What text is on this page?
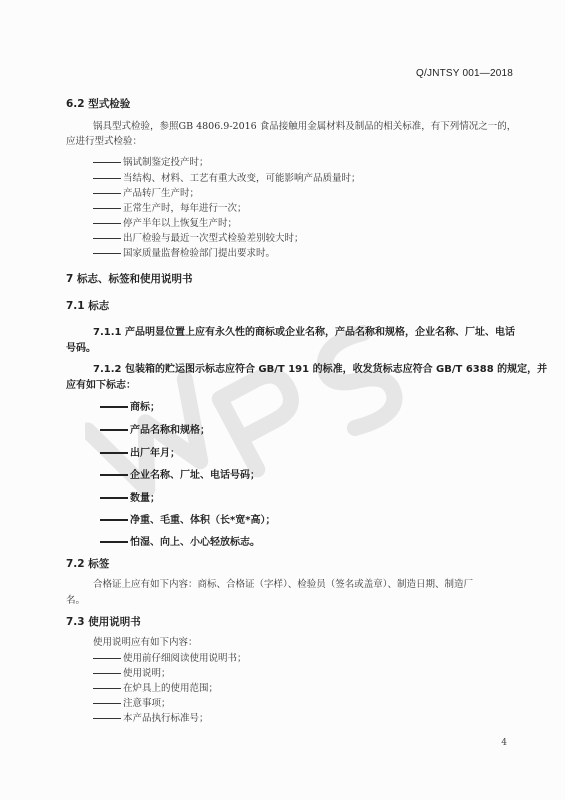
Q/JNTSY 001—2018
6.2 型式检验
锅具型式检验，参照GB 4806.9-2016 食品接触用金属材料及制品的相关标准，有下列情况之一的，
应进行型式检验：
锅试制鉴定投产时；
当结构、材料、工艺有重大改变，可能影响产品质量时；
产品转厂生产时；
正常生产时，每年进行一次；
停产半年以上恢复生产时；
出厂检验与最近一次型式检验差别较大时；
国家质量监督检验部门提出要求时。
7 标志、标签和使用说明书
7.1 标志
7.1.1 产品明显位置上应有永久性的商标或企业名称，产品名称和规格，企业名称、厂址、电话
号码。
7.1.2 包装箱的贮运图示标志应符合 GB/T 191 的标准，收发货标志应符合 GB/T 6388 的规定，并
应有如下标志：
商标；
产品名称和规格；
出厂年月；
企业名称、厂址、电话号码；
数量；
净重、毛重、体积（长*宽*高）；
怕湿、向上、小心轻放标志。
7.2 标签
合格证上应有如下内容：商标、合格证（字样）、检验员（签名或盖章）、制造日期、制造厂
名。
7.3 使用说明书
使用说明应有如下内容：
使用前仔细阅读使用说明书；
使用说明；
在炉具上的使用范围；
注意事项；
本产品执行标准号；
4
